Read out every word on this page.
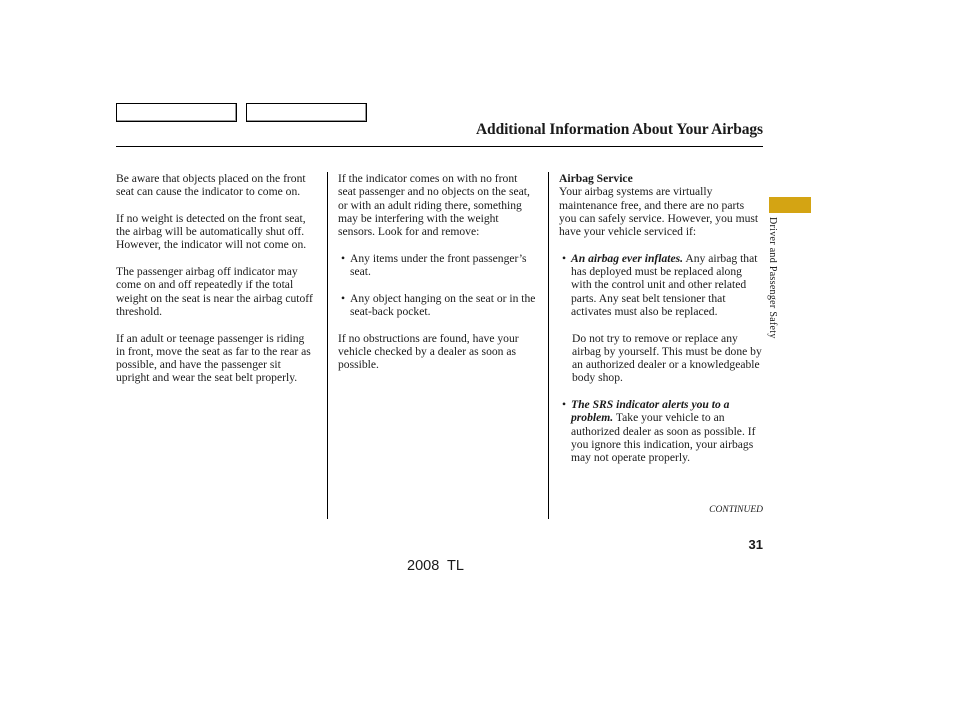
Additional Information About Your Airbags

Be aware that objects placed on the front seat can cause the indicator to come on.

If no weight is detected on the front seat, the airbag will be automatically shut off. However, the indicator will not come on.

The passenger airbag off indicator may come on and off repeatedly if the total weight on the seat is near the airbag cutoff threshold.

If an adult or teenage passenger is riding in front, move the seat as far to the rear as possible, and have the passenger sit upright and wear the seat belt properly.

If the indicator comes on with no front seat passenger and no objects on the seat, or with an adult riding there, something may be interfering with the weight sensors. Look for and remove:

• Any items under the front passenger’s seat.
• Any object hanging on the seat or in the seat-back pocket.

If no obstructions are found, have your vehicle checked by a dealer as soon as possible.

Airbag Service

Your airbag systems are virtually maintenance free, and there are no parts you can safely service. However, you must have your vehicle serviced if:

• An airbag ever inflates. Any airbag that has deployed must be replaced along with the control unit and other related parts. Any seat belt tensioner that activates must also be replaced.

Do not try to remove or replace any airbag by yourself. This must be done by an authorized dealer or a knowledgeable body shop.

• The SRS indicator alerts you to a problem. Take your vehicle to an authorized dealer as soon as possible. If you ignore this indication, your airbags may not operate properly.
CONTINUED
31
2008 TL
Driver and Passenger Safety
